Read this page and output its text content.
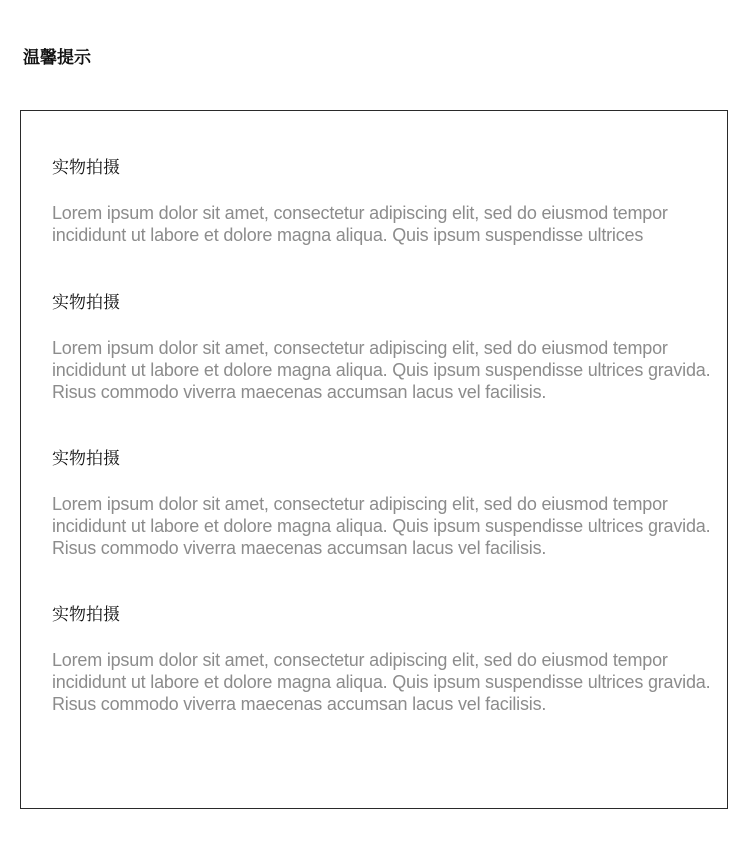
温馨提示
实物拍摄

Lorem ipsum dolor sit amet, consectetur adipiscing elit, sed do eiusmod tempor incididunt ut labore et dolore magna aliqua. Quis ipsum suspendisse ultrices

实物拍摄

Lorem ipsum dolor sit amet, consectetur adipiscing elit, sed do eiusmod tempor incididunt ut labore et dolore magna aliqua. Quis ipsum suspendisse ultrices gravida. Risus commodo viverra maecenas accumsan lacus vel facilisis.

实物拍摄

Lorem ipsum dolor sit amet, consectetur adipiscing elit, sed do eiusmod tempor incididunt ut labore et dolore magna aliqua. Quis ipsum suspendisse ultrices gravida. Risus commodo viverra maecenas accumsan lacus vel facilisis.

实物拍摄

Lorem ipsum dolor sit amet, consectetur adipiscing elit, sed do eiusmod tempor incididunt ut labore et dolore magna aliqua. Quis ipsum suspendisse ultrices gravida. Risus commodo viverra maecenas accumsan lacus vel facilisis.
